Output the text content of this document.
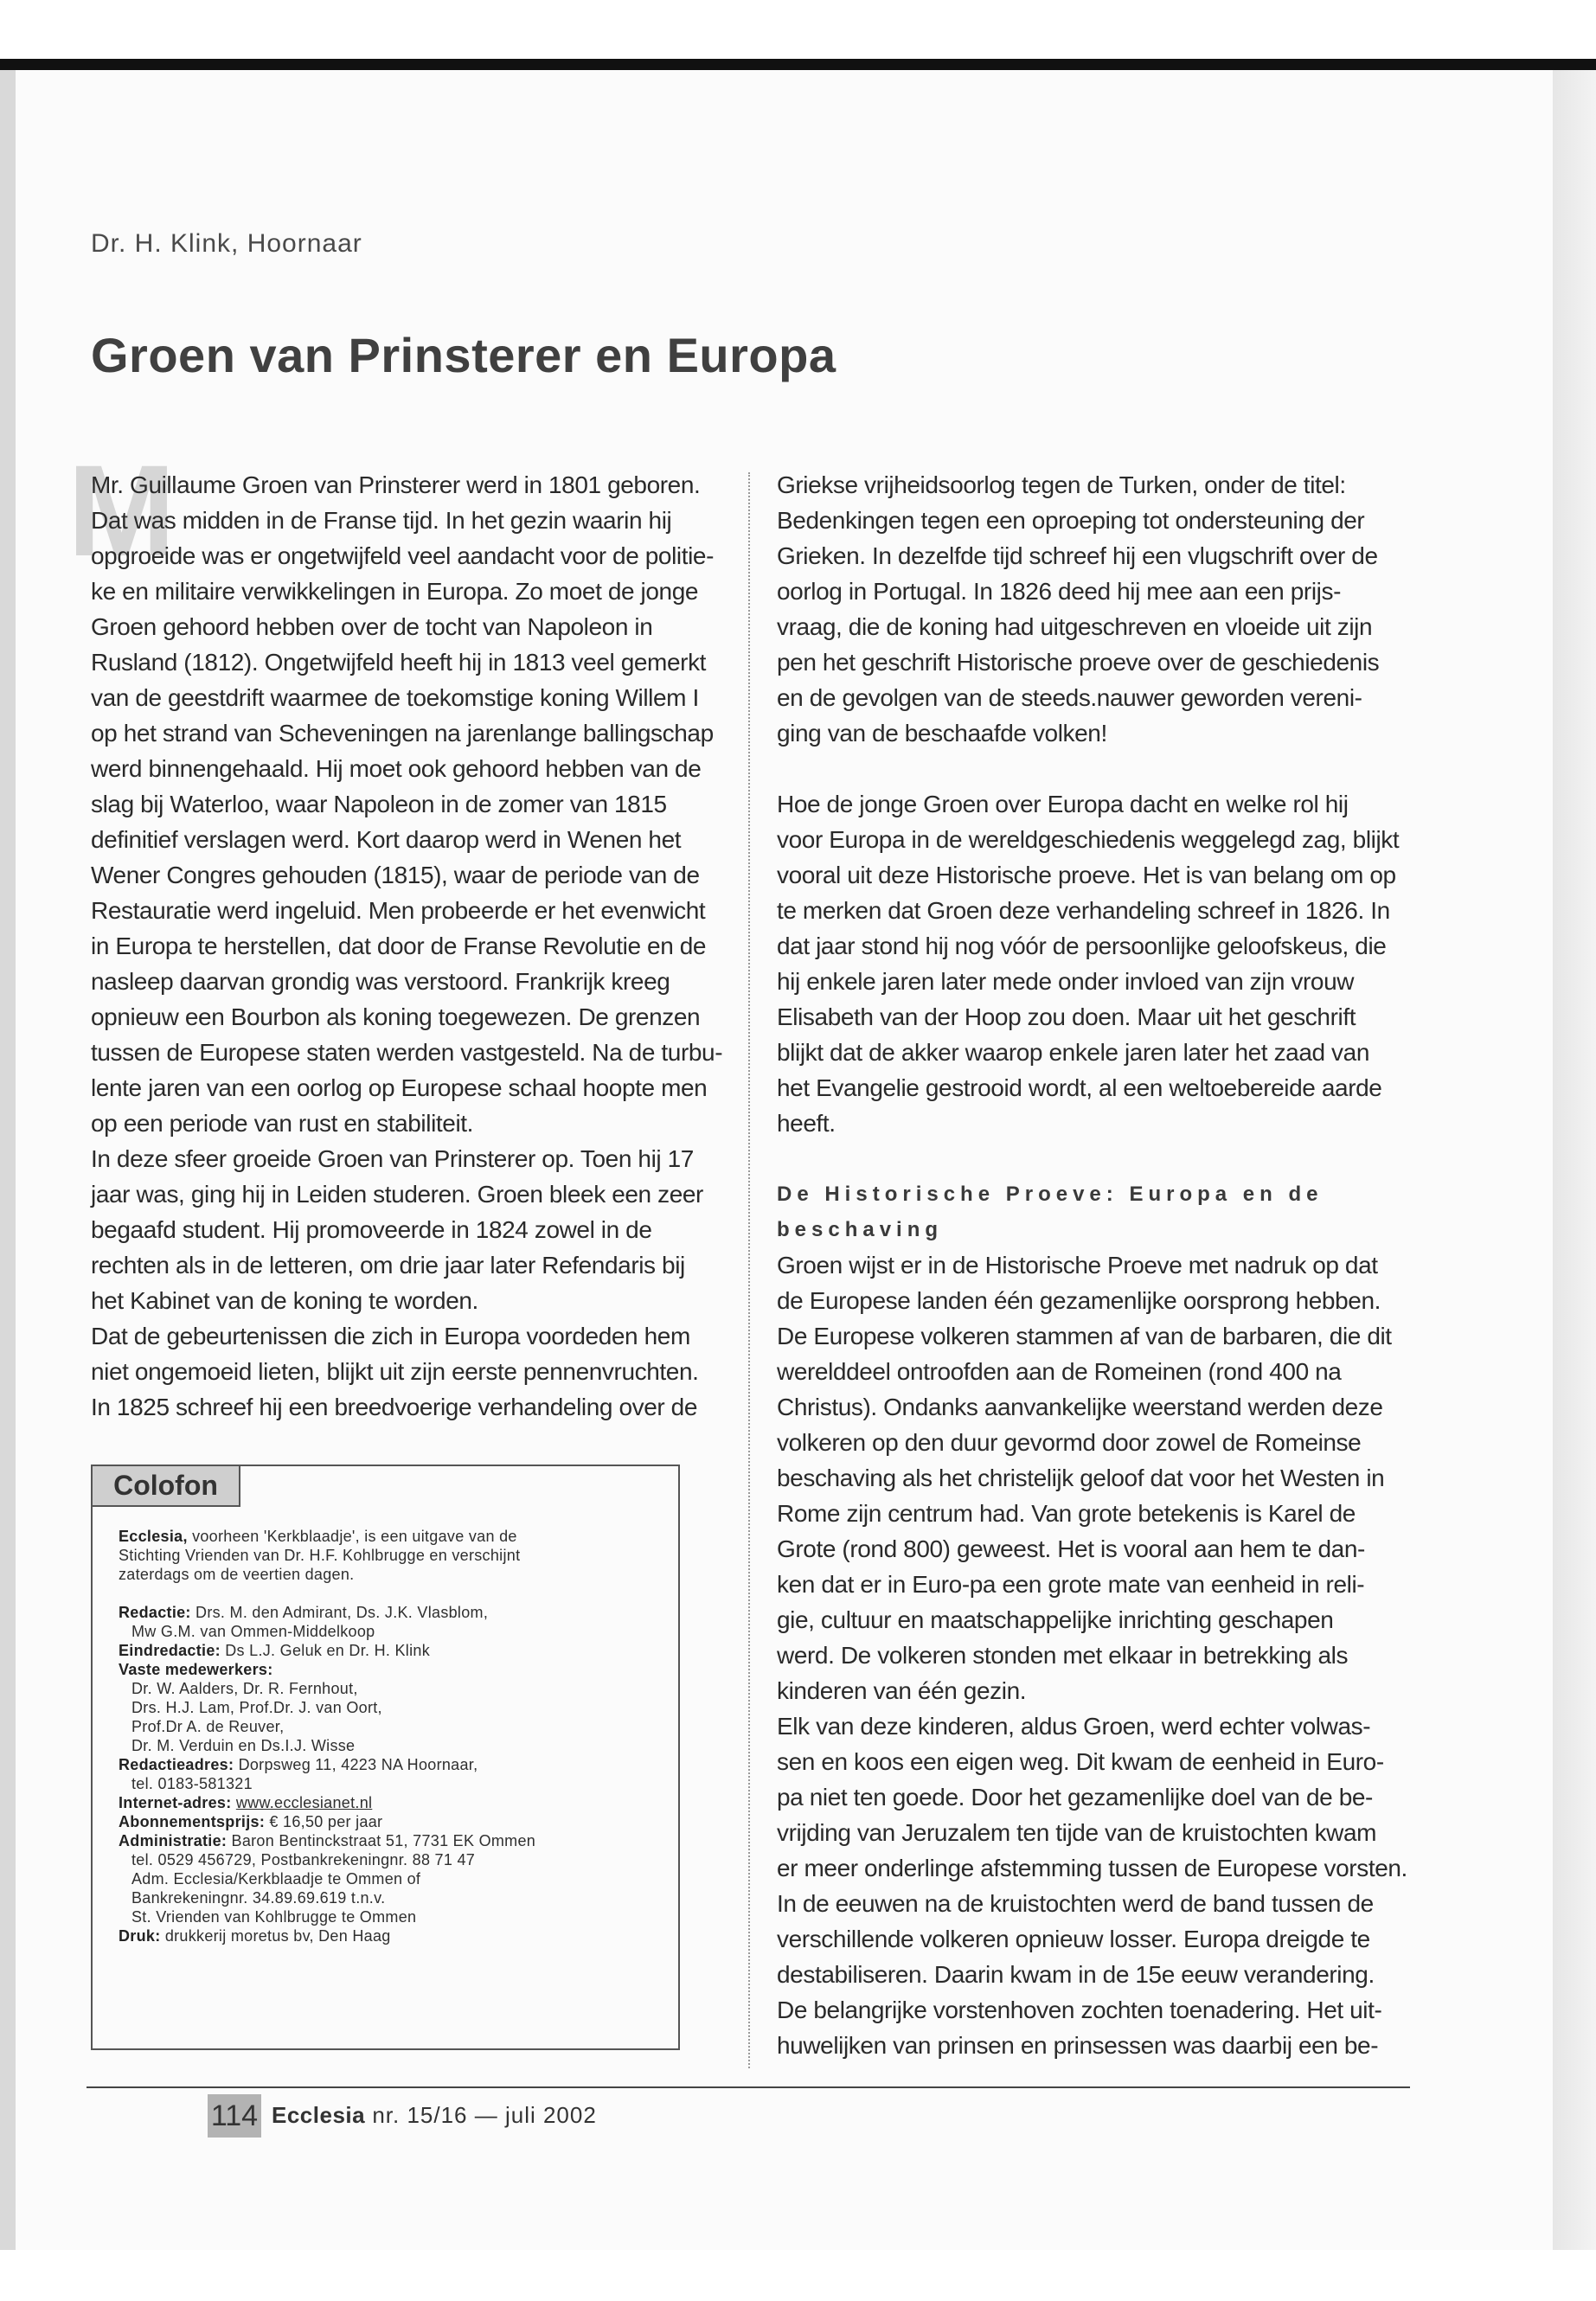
Dr. H. Klink, Hoornaar
Groen van Prinsterer en Europa
M

Mr. Guillaume Groen van Prinsterer werd in 1801 geboren.
Dat was midden in de Franse tijd. In het gezin waarin hij
opgroeide was er ongetwijfeld veel aandacht voor de politie-
ke en militaire verwikkelingen in Europa. Zo moet de jonge
Groen gehoord hebben over de tocht van Napoleon in
Rusland (1812). Ongetwijfeld heeft hij in 1813 veel gemerkt
van de geestdrift waarmee de toekomstige koning Willem I
op het strand van Scheveningen na jarenlange ballingschap
werd binnengehaald. Hij moet ook gehoord hebben van de
slag bij Waterloo, waar Napoleon in de zomer van 1815
definitief verslagen werd. Kort daarop werd in Wenen het
Wener Congres gehouden (1815), waar de periode van de
Restauratie werd ingeluid. Men probeerde er het evenwicht
in Europa te herstellen, dat door de Franse Revolutie en de
nasleep daarvan grondig was verstoord. Frankrijk kreeg
opnieuw een Bourbon als koning toegewezen. De grenzen
tussen de Europese staten werden vastgesteld. Na de turbu-
lente jaren van een oorlog op Europese schaal hoopte men
op een periode van rust en stabiliteit.
In deze sfeer groeide Groen van Prinsterer op. Toen hij 17
jaar was, ging hij in Leiden studeren. Groen bleek een zeer
begaafd student. Hij promoveerde in 1824 zowel in de
rechten als in de letteren, om drie jaar later Refendaris bij
het Kabinet van de koning te worden.
Dat de gebeurtenissen die zich in Europa voordeden hem
niet ongemoeid lieten, blijkt uit zijn eerste pennenvruchten.
In 1825 schreef hij een breedvoerige verhandeling over de

Griekse vrijheidsoorlog tegen de Turken, onder de titel:
Bedenkingen tegen een oproeping tot ondersteuning der
Grieken. In dezelfde tijd schreef hij een vlugschrift over de
oorlog in Portugal. In 1826 deed hij mee aan een prijs-
vraag, die de koning had uitgeschreven en vloeide uit zijn
pen het geschrift Historische proeve over de geschiedenis
en de gevolgen van de steeds.nauwer geworden vereni-
ging van de beschaafde volken!

Hoe de jonge Groen over Europa dacht en welke rol hij
voor Europa in de wereldgeschiedenis weggelegd zag, blijkt
vooral uit deze Historische proeve. Het is van belang om op
te merken dat Groen deze verhandeling schreef in 1826. In
dat jaar stond hij nog vóór de persoonlijke geloofskeus, die
hij enkele jaren later mede onder invloed van zijn vrouw
Elisabeth van der Hoop zou doen. Maar uit het geschrift
blijkt dat de akker waarop enkele jaren later het zaad van
het Evangelie gestrooid wordt, al een weltoebereide aarde
heeft.

De Historische Proeve: Europa en de
beschaving

Groen wijst er in de Historische Proeve met nadruk op dat
de Europese landen één gezamenlijke oorsprong hebben.
De Europese volkeren stammen af van de barbaren, die dit
werelddeel ontroofden aan de Romeinen (rond 400 na
Christus). Ondanks aanvankelijke weerstand werden deze
volkeren op den duur gevormd door zowel de Romeinse
beschaving als het christelijk geloof dat voor het Westen in
Rome zijn centrum had. Van grote betekenis is Karel de
Grote (rond 800) geweest. Het is vooral aan hem te dan-
ken dat er in Euro-pa een grote mate van eenheid in reli-
gie, cultuur en maatschappelijke inrichting geschapen
werd. De volkeren stonden met elkaar in betrekking als
kinderen van één gezin.
Elk van deze kinderen, aldus Groen, werd echter volwas-
sen en koos een eigen weg. Dit kwam de eenheid in Euro-
pa niet ten goede. Door het gezamenlijke doel van de be-
vrijding van Jeruzalem ten tijde van de kruistochten kwam
er meer onderlinge afstemming tussen de Europese vorsten.
In de eeuwen na de kruistochten werd de band tussen de
verschillende volkeren opnieuw losser. Europa dreigde te
destabiliseren. Daarin kwam in de 15e eeuw verandering.
De belangrijke vorstenhoven zochten toenadering. Het uit-
huwelijken van prinsen en prinsessen was daarbij een be-

Colofon
Ecclesia, voorheen 'Kerkblaadje', is een uitgave van de
Stichting Vrienden van Dr. H.F. Kohlbrugge en verschijnt
zaterdags om de veertien dagen.
Redactie: Drs. M. den Admirant, Ds. J.K. Vlasblom,
Mw G.M. van Ommen-Middelkoop
Eindredactie: Ds L.J. Geluk en Dr. H. Klink
Vaste medewerkers:
Dr. W. Aalders, Dr. R. Fernhout,
Drs. H.J. Lam, Prof.Dr. J. van Oort,
Prof.Dr A. de Reuver,
Dr. M. Verduin en Ds.I.J. Wisse
Redactieadres: Dorpsweg 11, 4223 NA Hoornaar,
tel. 0183-581321
Internet-adres: www.ecclesianet.nl
Abonnementsprijs: € 16,50 per jaar
Administratie: Baron Bentinckstraat 51, 7731 EK Ommen
tel. 0529 456729, Postbankrekeningnr. 88 71 47
Adm. Ecclesia/Kerkblaadje te Ommen of
Bankrekeningnr. 34.89.69.619 t.n.v.
St. Vrienden van Kohlbrugge te Ommen
Druk: drukkerij moretus bv, Den Haag
114 Ecclesia nr. 15/16 — juli 2002
